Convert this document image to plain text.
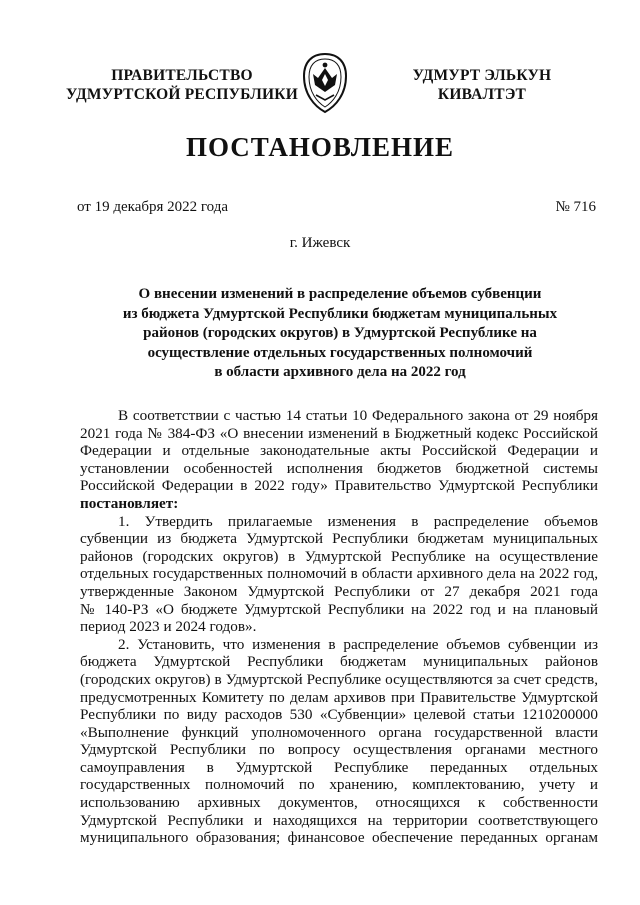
ПРАВИТЕЛЬСТВО
УДМУРТСКОЙ РЕСПУБЛИКИ
УДМУРТ ЭЛЬКУН
КИВАЛТЭТ
ПОСТАНОВЛЕНИЕ
от 19 декабря 2022 года	№ 716
г. Ижевск
О внесении изменений в распределение объемов субвенции
из бюджета Удмуртской Республики бюджетам муниципальных
районов (городских округов) в Удмуртской Республике на
осуществление отдельных государственных полномочий
в области архивного дела на 2022 год
В соответствии с частью 14 статьи 10 Федерального закона от 29 ноября
2021 года № 384-ФЗ «О внесении изменений в Бюджетный кодекс Российской
Федерации и отдельные законодательные акты Российской Федерации и
установлении особенностей исполнения бюджетов бюджетной системы
Российской Федерации в 2022 году» Правительство Удмуртской Республики
постановляет:
1. Утвердить прилагаемые изменения в распределение объемов
субвенции из бюджета Удмуртской Республики бюджетам муниципальных
районов (городских округов) в Удмуртской Республике на осуществление
отдельных государственных полномочий в области архивного дела на 2022 год,
утвержденные Законом Удмуртской Республики от 27 декабря 2021 года
№ 140-РЗ «О бюджете Удмуртской Республики на 2022 год и на плановый
период 2023 и 2024 годов».
2. Установить, что изменения в распределение объемов субвенции из
бюджета Удмуртской Республики бюджетам муниципальных районов
(городских округов) в Удмуртской Республике осуществляются за счет средств,
предусмотренных Комитету по делам архивов при Правительстве Удмуртской
Республики по виду расходов 530 «Субвенции» целевой статьи 1210200000
«Выполнение функций уполномоченного органа государственной власти
Удмуртской Республики по вопросу осуществления органами местного
самоуправления в Удмуртской Республике переданных отдельных
государственных полномочий по хранению, комплектованию, учету и
использованию архивных документов, относящихся к собственности
Удмуртской Республики и находящихся на территории соответствующего
муниципального образования; финансовое обеспечение переданных органам
